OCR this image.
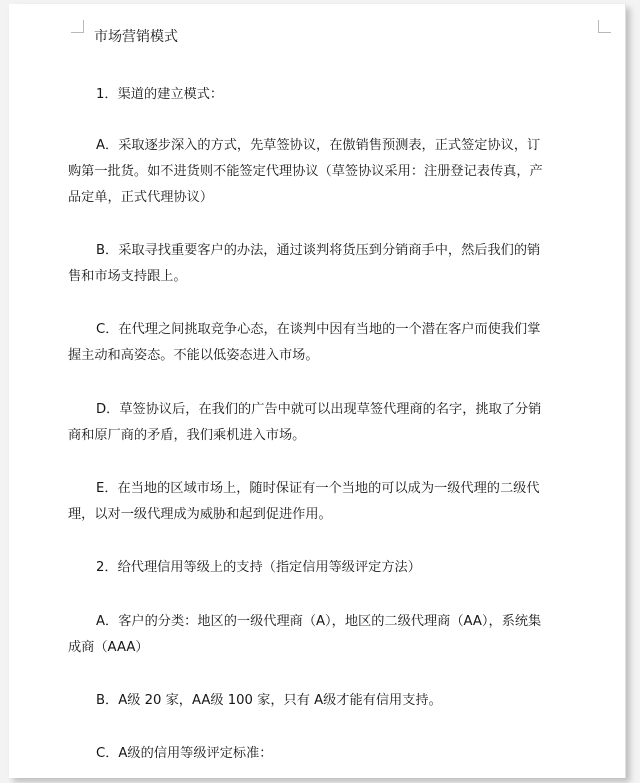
市场营销模式

1．渠道的建立模式：

A．采取逐步深入的方式，先草签协议，在傲销售预测表，正式签定协议，订

购第一批货。如不进货则不能签定代理协议（草签协议采用：注册登记表传真，产

品定单，正式代理协议）

B．采取寻找重要客户的办法，通过谈判将货压到分销商手中，然后我们的销

售和市场支持跟上。

C．在代理之间挑取竞争心态，在谈判中因有当地的一个潜在客户而使我们掌

握主动和高姿态。不能以低姿态进入市场。

D．草签协议后，在我们的广告中就可以出现草签代理商的名字，挑取了分销

商和原厂商的矛盾，我们乘机进入市场。

E．在当地的区域市场上，随时保证有一个当地的可以成为一级代理的二级代

理，以对一级代理成为威胁和起到促进作用。

2．给代理信用等级上的支持（指定信用等级评定方法）

A．客户的分类：地区的一级代理商（A），地区的二级代理商（AA），系统集

成商（AAA）

B．A级 20 家，AA级 100 家，只有 A级才能有信用支持。

C．A级的信用等级评定标准：
